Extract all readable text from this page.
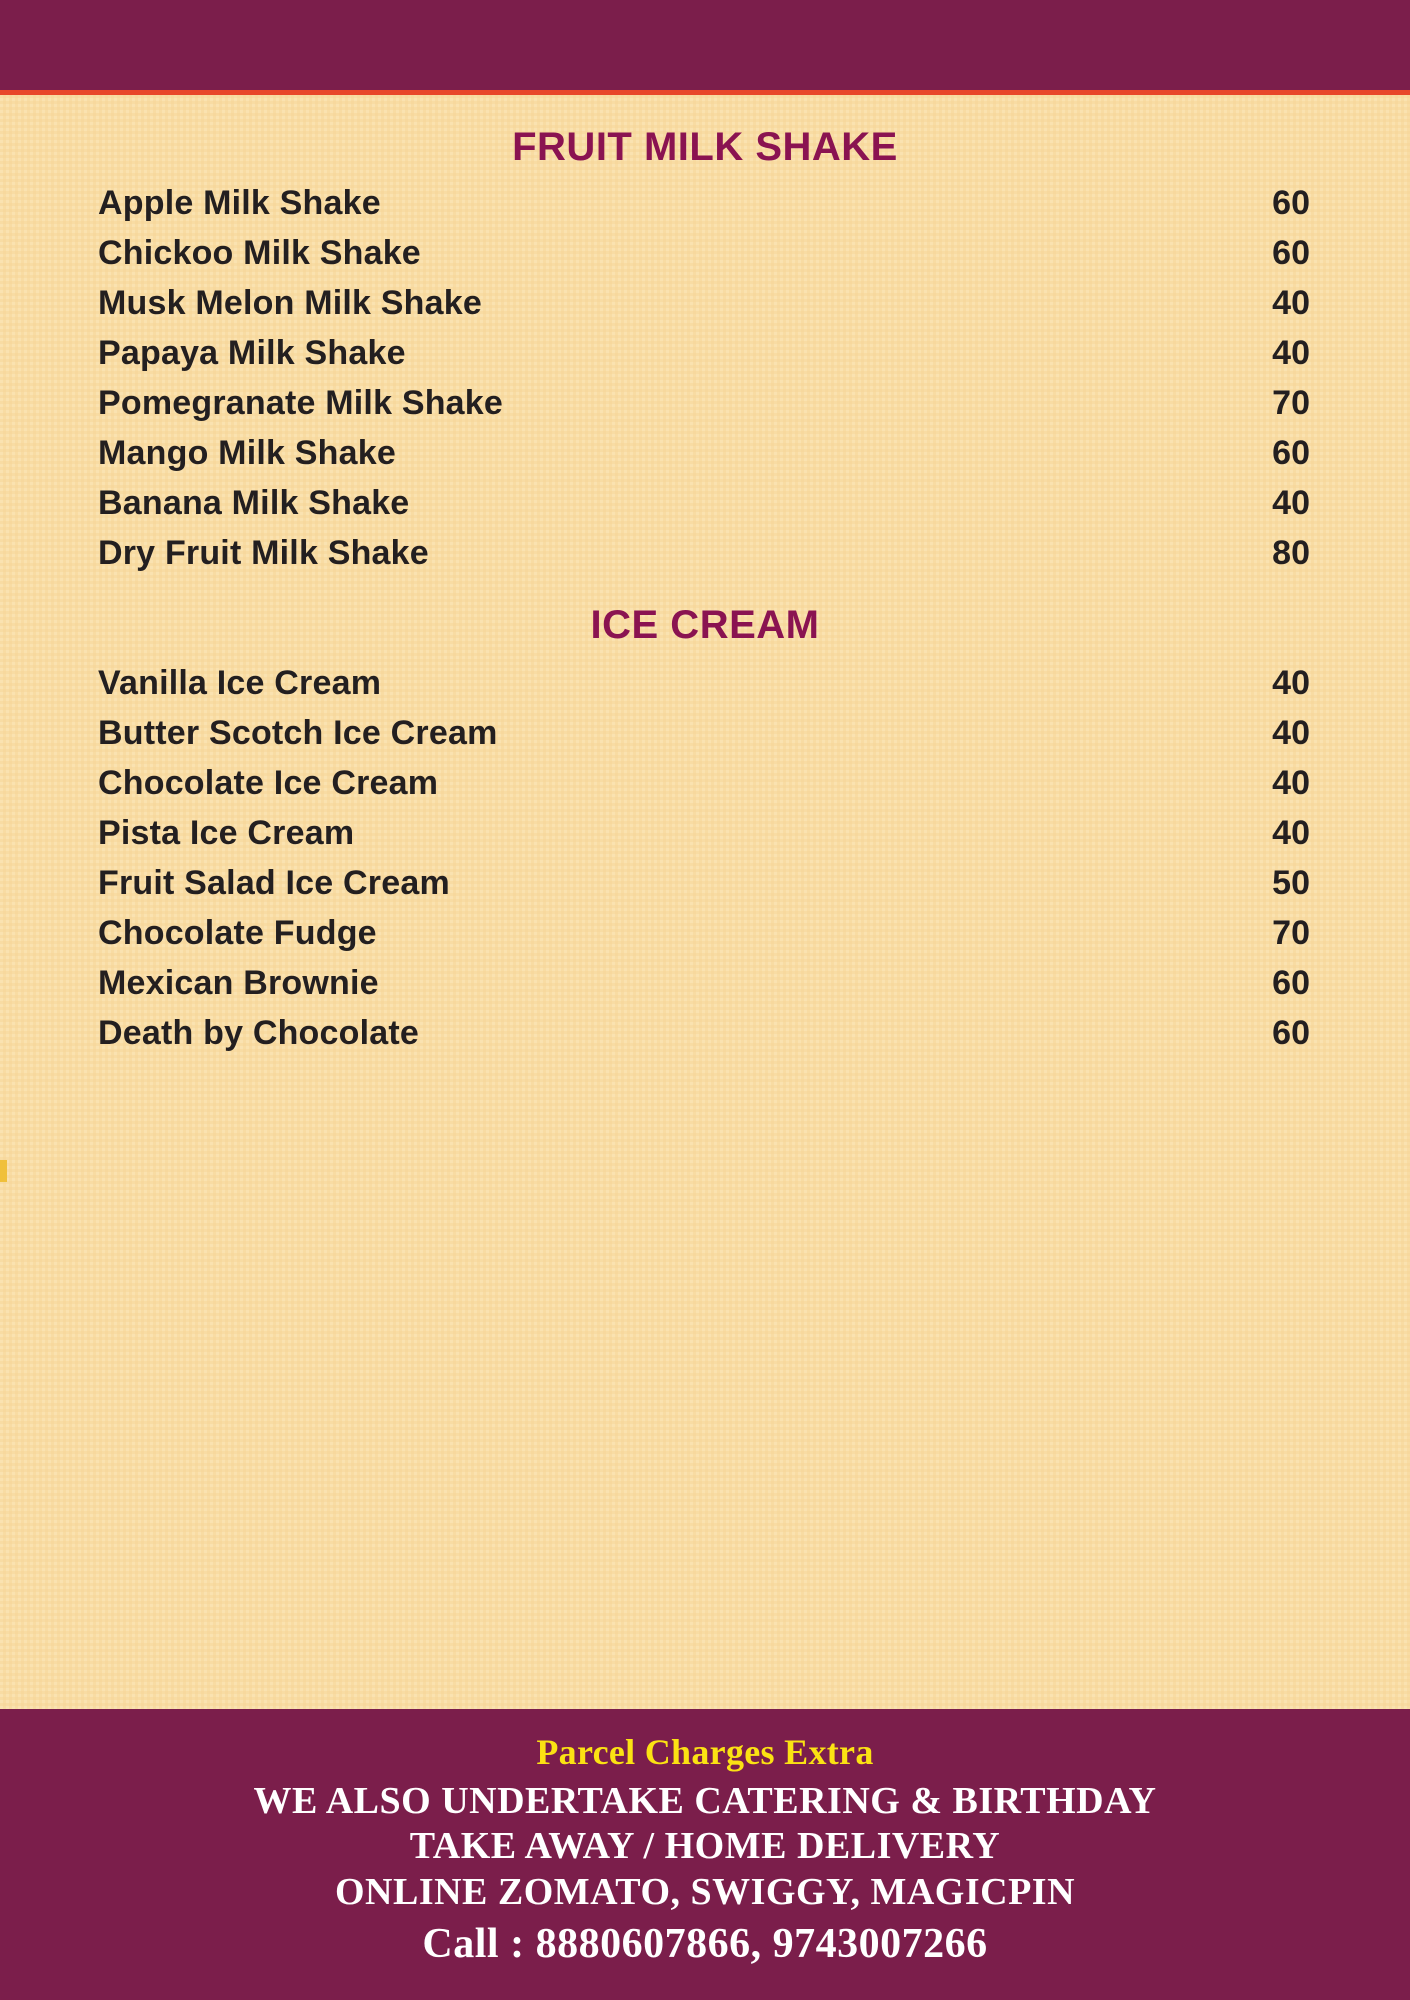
FRUIT MILK SHAKE
Apple Milk Shake	60
Chickoo Milk Shake	60
Musk Melon Milk Shake	40
Papaya Milk Shake	40
Pomegranate Milk Shake	70
Mango Milk Shake	60
Banana Milk Shake	40
Dry Fruit Milk Shake	80
ICE CREAM
Vanilla Ice Cream	40
Butter Scotch Ice Cream	40
Chocolate Ice Cream	40
Pista Ice Cream	40
Fruit Salad Ice Cream	50
Chocolate Fudge	70
Mexican Brownie	60
Death by Chocolate	60
Parcel Charges Extra
WE ALSO UNDERTAKE CATERING & BIRTHDAY
TAKE AWAY / HOME DELIVERY
ONLINE ZOMATO, SWIGGY, MAGICPIN
Call : 8880607866, 9743007266
